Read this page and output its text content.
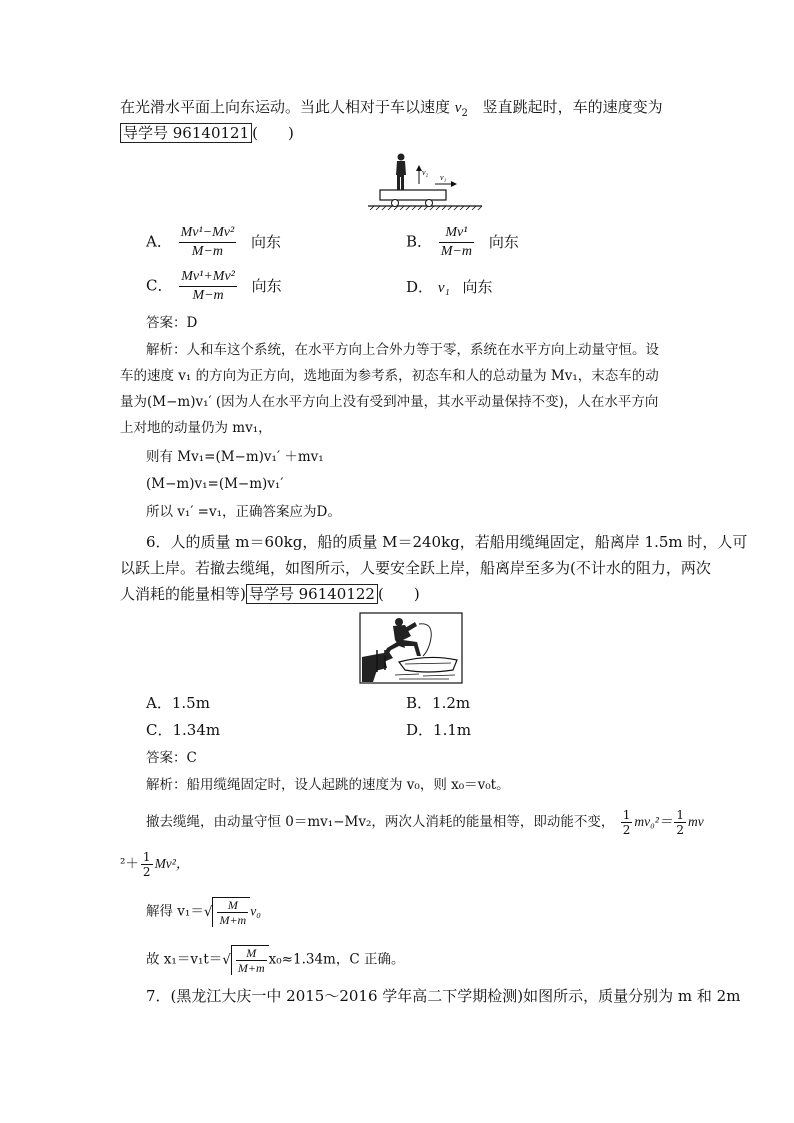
在光滑水平面上向东运动。当此人相对于车以速度 $v_2$ 竖直跳起时，车的速度变为
导学号 96140121 (　　)
v₂
v₁
A． $\frac{\text{Mv¹−Mv²}}{M-m}$ 向东	B． $\frac{\text{Mv¹}}{M-m}$ 向东
C． $\frac{\text{Mv¹+Mv²}}{M-m}$ 向东	D． v₁ 向东
答案：D
解析：人和车这个系统，在水平方向上合外力等于零，系统在水平方向上动量守恒。设
车的速度 v₁ 的方向为正方向，选地面为参考系，初态车和人的总动量为 Mv₁，末态车的动
量为(M−m)v₁′ (因为人在水平方向上没有受到冲量，其水平动量保持不变)，人在水平方向
上对地的动量仍为 mv₁，
则有 Mv₁=(M−m)v₁′ ＋mv₁
(M−m)v₁=(M−m)v₁′
所以 v₁′ =v₁，正确答案应为D。
6．人的质量 m＝60kg，船的质量 M＝240kg，若船用缆绳固定，船离岸 1.5m 时，人可
以跃上岸。若撤去缆绳，如图所示，人要安全跃上岸，船离岸至多为(不计水的阻力，两次
人消耗的能量相等) 导学号 96140122 (　　)
A．1.5m	B．1.2m
C．1.34m	D．1.1m
答案：C
解析：船用缆绳固定时，设人起跳的速度为 v₀，则 x₀＝v₀t。
撤去缆绳，由动量守恒 0＝mv₁−Mv₂，两次人消耗的能量相等，即动能不变， $\frac{1}{2} mv_0^2= \frac{1}{2}$ mv
$^2+ \frac{1}{2} Mv^2$，
解得 $v_1=√ \frac{M}{M+m} v_0$
故 $x_1=v_1t=√ \frac{M}{M+m} x_0\approx 1.34m$，C 正确。
7．(黑龙江大庆一中 2015～2016 学年高二下学期检测)如图所示，质量分别为 m 和 2m
